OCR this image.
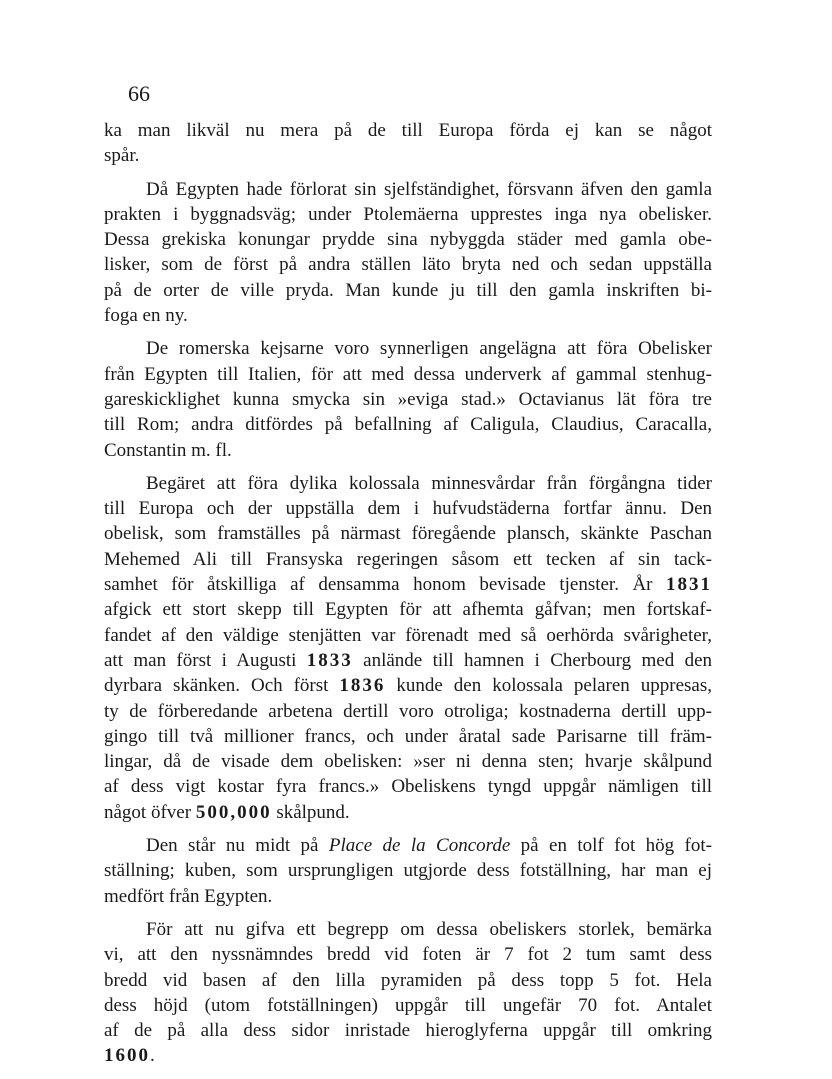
66
ka man likväl nu mera på de till Europa förda ej kan se något
spår.
Då Egypten hade förlorat sin sjelfständighet, försvann äfven den gamla
prakten i byggnadsväg; under Ptolemäerna upprestes inga nya obelisker.
Dessa grekiska konungar prydde sina nybyggda städer med gamla obe-
lisker, som de först på andra ställen läto bryta ned och sedan uppställa
på de orter de ville pryda. Man kunde ju till den gamla inskriften bi-
foga en ny.
De romerska kejsarne voro synnerligen angelägna att föra Obelisker
från Egypten till Italien, för att med dessa underverk af gammal stenhug-
gareskicklighet kunna smycka sin »eviga stad.» Octavianus lät föra tre
till Rom; andra ditfördes på befallning af Caligula, Claudius, Caracalla,
Constantin m. fl.
Begäret att föra dylika kolossala minnesvårdar från förgångna tider
till Europa och der uppställa dem i hufvudstäderna fortfar ännu. Den
obelisk, som framställes på närmast föregående plansch, skänkte Paschan
Mehemed Ali till Fransyska regeringen såsom ett tecken af sin tack-
samhet för åtskilliga af densamma honom bevisade tjenster. År 1831
afgick ett stort skepp till Egypten för att afhemta gåfvan; men fortskaf-
fandet af den väldige stenjätten var förenadt med så oerhörda svårigheter,
att man först i Augusti 1833 anlände till hamnen i Cherbourg med den
dyrbara skänken. Och först 1836 kunde den kolossala pelaren uppresas,
ty de förberedande arbetena dertill voro otroliga; kostnaderna dertill upp-
gingo till två millioner francs, och under åratal sade Parisarne till främ-
lingar, då de visade dem obelisken: »ser ni denna sten; hvarje skålpund
af dess vigt kostar fyra francs.» Obeliskens tyngd uppgår nämligen till
något öfver 500,000 skålpund.
Den står nu midt på Place de la Concorde på en tolf fot hög fot-
ställning; kuben, som ursprungligen utgjorde dess fotställning, har man ej
medfört från Egypten.
För att nu gifva ett begrepp om dessa obeliskers storlek, bemärka
vi, att den nyssnämndes bredd vid foten är 7 fot 2 tum samt dess
bredd vid basen af den lilla pyramiden på dess topp 5 fot. Hela
dess höjd (utom fotställningen) uppgår till ungefär 70 fot. Antalet
af de på alla dess sidor inristade hieroglyferna uppgår till omkring
1600.
